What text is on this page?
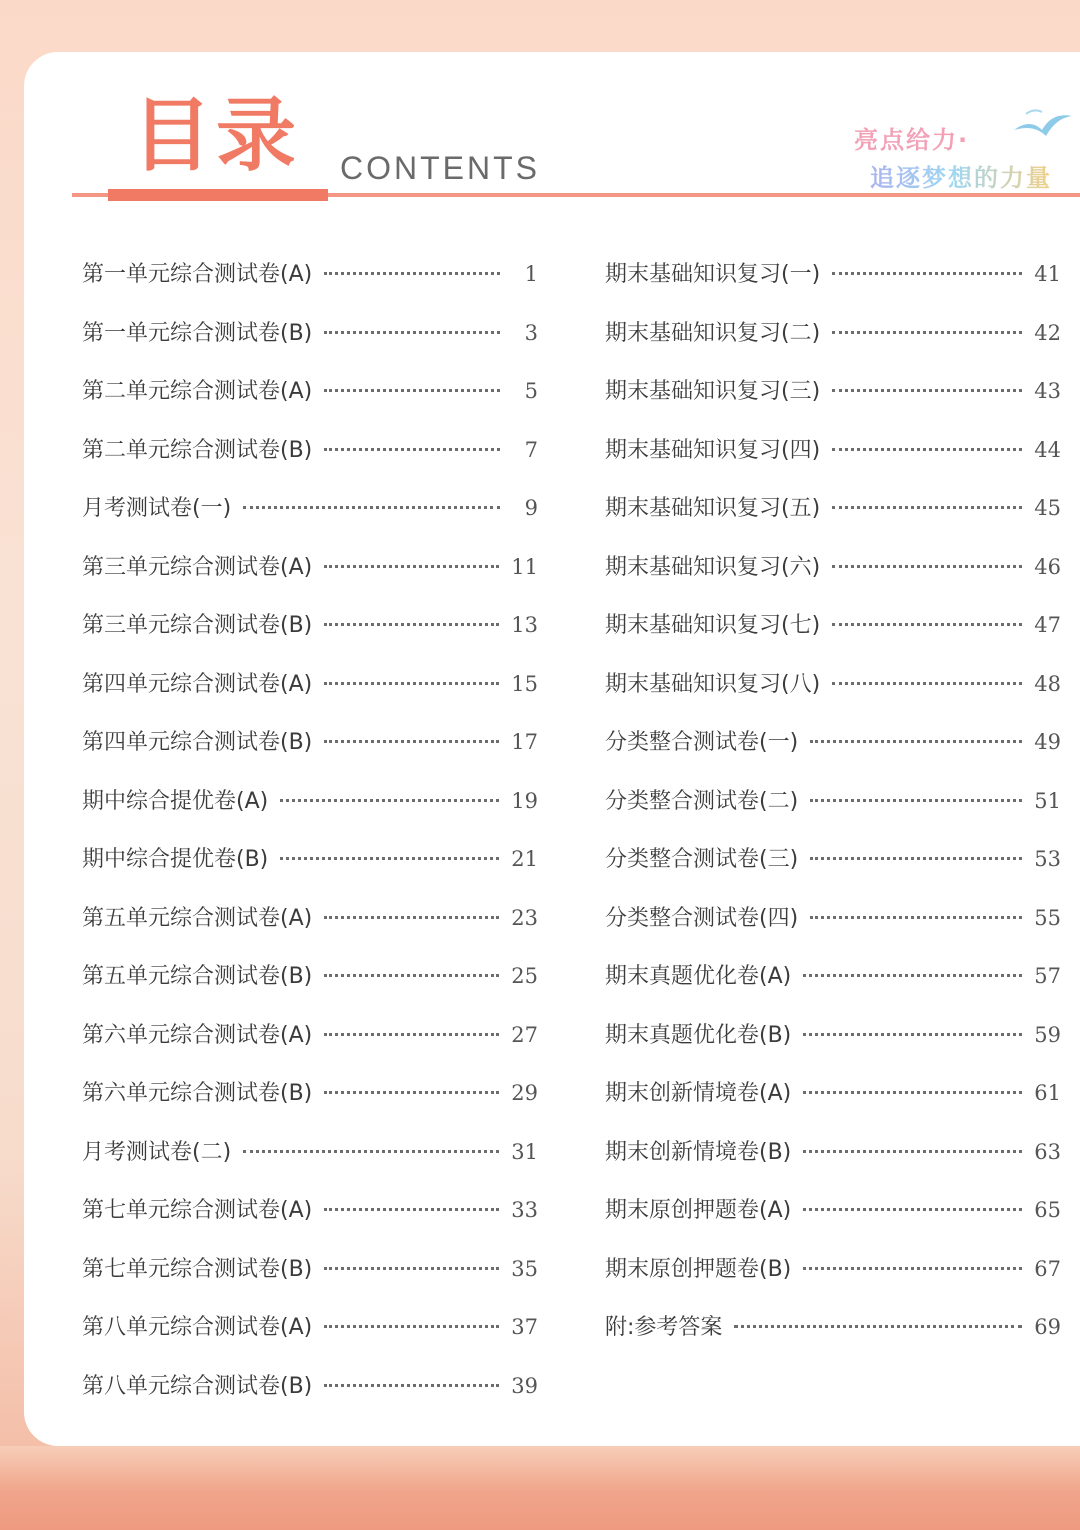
目录 CONTENTS
亮点给力·
追逐梦想的力量
第一单元综合测试卷(A)	1
第一单元综合测试卷(B)	3
第二单元综合测试卷(A)	5
第二单元综合测试卷(B)	7
月考测试卷(一)	9
第三单元综合测试卷(A)	11
第三单元综合测试卷(B)	13
第四单元综合测试卷(A)	15
第四单元综合测试卷(B)	17
期中综合提优卷(A)	19
期中综合提优卷(B)	21
第五单元综合测试卷(A)	23
第五单元综合测试卷(B)	25
第六单元综合测试卷(A)	27
第六单元综合测试卷(B)	29
月考测试卷(二)	31
第七单元综合测试卷(A)	33
第七单元综合测试卷(B)	35
第八单元综合测试卷(A)	37
第八单元综合测试卷(B)	39
期末基础知识复习(一)	41
期末基础知识复习(二)	42
期末基础知识复习(三)	43
期末基础知识复习(四)	44
期末基础知识复习(五)	45
期末基础知识复习(六)	46
期末基础知识复习(七)	47
期末基础知识复习(八)	48
分类整合测试卷(一)	49
分类整合测试卷(二)	51
分类整合测试卷(三)	53
分类整合测试卷(四)	55
期末真题优化卷(A)	57
期末真题优化卷(B)	59
期末创新情境卷(A)	61
期末创新情境卷(B)	63
期末原创押题卷(A)	65
期末原创押题卷(B)	67
附:参考答案	69
